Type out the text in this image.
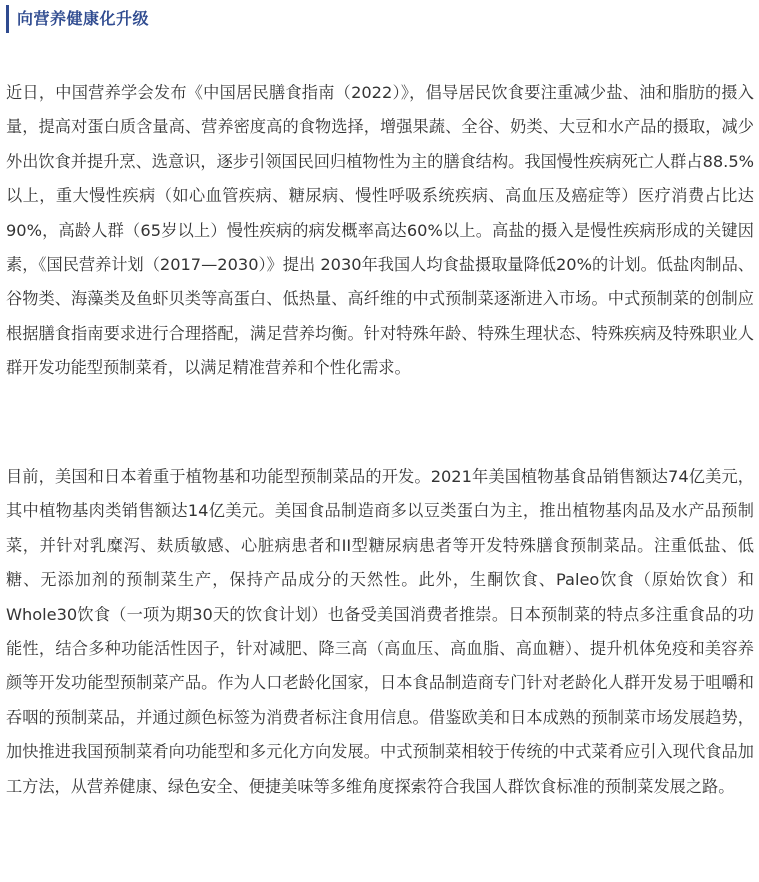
向营养健康化升级

近日，中国营养学会发布《中国居民膳食指南（2022）》，倡导居民饮食要注重减少盐、油和脂肪的摄入量，提高对蛋白质含量高、营养密度高的食物选择，增强果蔬、全谷、奶类、大豆和水产品的摄取，减少外出饮食并提升烹、选意识，逐步引领国民回归植物性为主的膳食结构。我国慢性疾病死亡人群占88.5%以上，重大慢性疾病（如心血管疾病、糖尿病、慢性呼吸系统疾病、高血压及癌症等）医疗消费占比达90%，高龄人群（65岁以上）慢性疾病的病发概率高达60%以上。高盐的摄入是慢性疾病形成的关键因素，《国民营养计划（2017—2030）》提出 2030年我国人均食盐摄取量降低20%的计划。低盐肉制品、谷物类、海藻类及鱼虾贝类等高蛋白、低热量、高纤维的中式预制菜逐渐进入市场。中式预制菜的创制应根据膳食指南要求进行合理搭配，满足营养均衡。针对特殊年龄、特殊生理状态、特殊疾病及特殊职业人群开发功能型预制菜肴，以满足精准营养和个性化需求。

目前，美国和日本着重于植物基和功能型预制菜品的开发。2021年美国植物基食品销售额达74亿美元，其中植物基肉类销售额达14亿美元。美国食品制造商多以豆类蛋白为主，推出植物基肉品及水产品预制菜，并针对乳糜泻、麸质敏感、心脏病患者和II型糖尿病患者等开发特殊膳食预制菜品。注重低盐、低糖、无添加剂的预制菜生产，保持产品成分的天然性。此外，生酮饮食、Paleo饮食（原始饮食）和 Whole30饮食（一项为期30天的饮食计划）也备受美国消费者推崇。日本预制菜的特点多注重食品的功能性，结合多种功能活性因子，针对减肥、降三高（高血压、高血脂、高血糖）、提升机体免疫和美容养颜等开发功能型预制菜产品。作为人口老龄化国家，日本食品制造商专门针对老龄化人群开发易于咀嚼和吞咽的预制菜品，并通过颜色标签为消费者标注食用信息。借鉴欧美和日本成熟的预制菜市场发展趋势，加快推进我国预制菜肴向功能型和多元化方向发展。中式预制菜相较于传统的中式菜肴应引入现代食品加工方法，从营养健康、绿色安全、便捷美味等多维角度探索符合我国人群饮食标准的预制菜发展之路。
